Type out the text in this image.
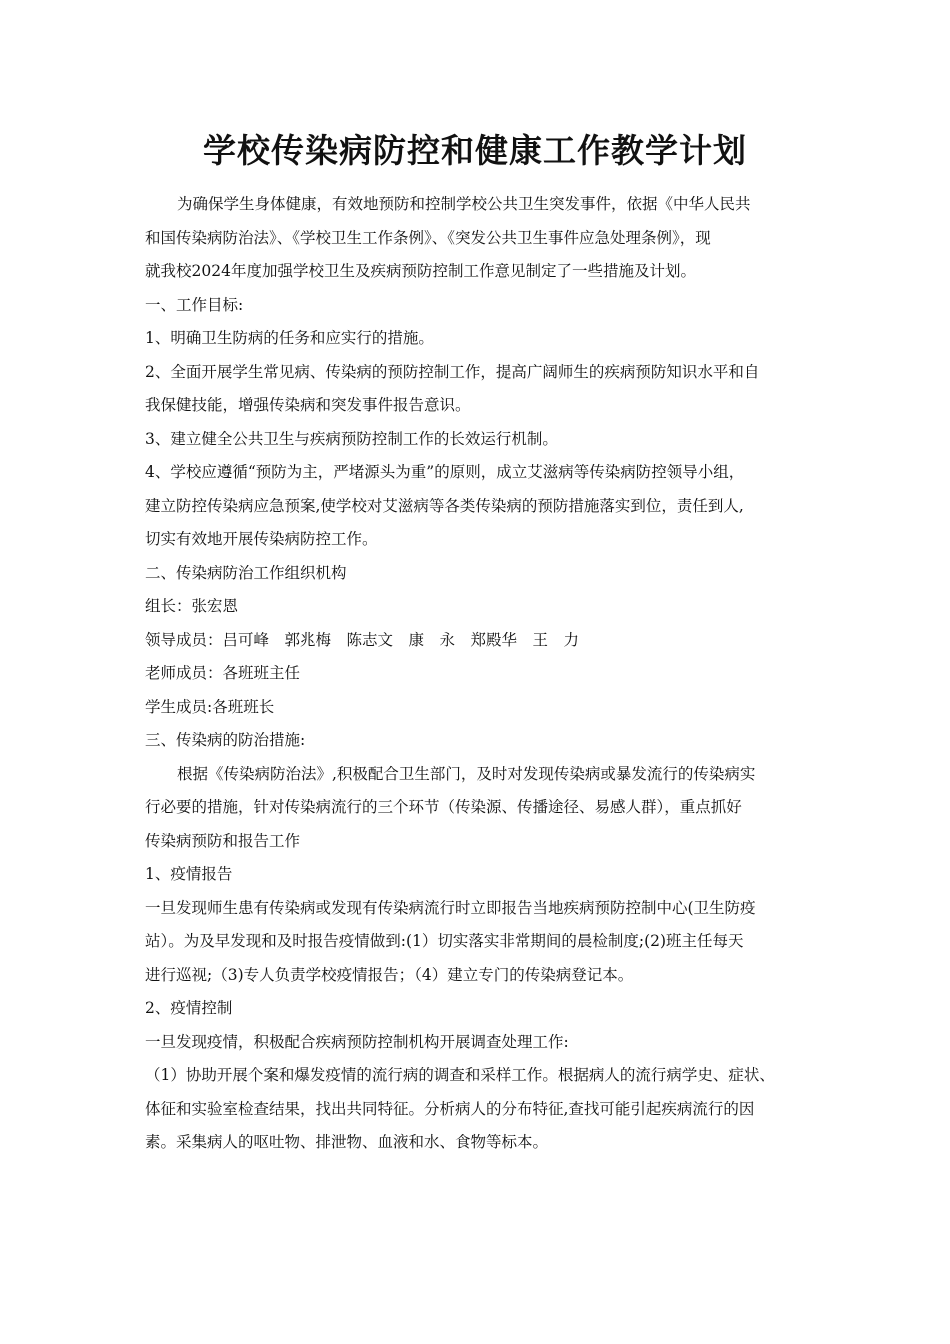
学校传染病防控和健康工作教学计划
为确保学生身体健康，有效地预防和控制学校公共卫生突发事件，依据《中华人民共
和国传染病防治法》、《学校卫生工作条例》、《突发公共卫生事件应急处理条例》，现
就我校2024年度加强学校卫生及疾病预防控制工作意见制定了一些措施及计划。
一、工作目标:
1、明确卫生防病的任务和应实行的措施。
2、全面开展学生常见病、传染病的预防控制工作，提高广阔师生的疾病预防知识水平和自
我保健技能，增强传染病和突发事件报告意识。
3、建立健全公共卫生与疾病预防控制工作的长效运行机制。
4、学校应遵循“预防为主，严堵源头为重”的原则，成立艾滋病等传染病防控领导小组，
建立防控传染病应急预案,使学校对艾滋病等各类传染病的预防措施落实到位，责任到人,
切实有效地开展传染病防控工作。
二、传染病防治工作组织机构
组长：张宏恩
领导成员：吕可峰　郭兆梅　陈志文　康　永　郑殿华　王　力
老师成员：各班班主任
学生成员:各班班长
三、传染病的防治措施:
根据《传染病防治法》,积极配合卫生部门，及时对发现传染病或暴发流行的传染病实
行必要的措施，针对传染病流行的三个环节（传染源、传播途径、易感人群），重点抓好
传染病预防和报告工作
1、疫情报告
一旦发现师生患有传染病或发现有传染病流行时立即报告当地疾病预防控制中心(卫生防疫
站）。为及早发现和及时报告疫情做到:(1）切实落实非常期间的晨检制度;(2)班主任每天
进行巡视;（3)专人负责学校疫情报告；（4）建立专门的传染病登记本。
2、疫情控制
一旦发现疫情，积极配合疾病预防控制机构开展调查处理工作:
（1）协助开展个案和爆发疫情的流行病的调查和采样工作。根据病人的流行病学史、症状、
体征和实验室检查结果，找出共同特征。分析病人的分布特征,查找可能引起疾病流行的因
素。采集病人的呕吐物、排泄物、血液和水、食物等标本。
